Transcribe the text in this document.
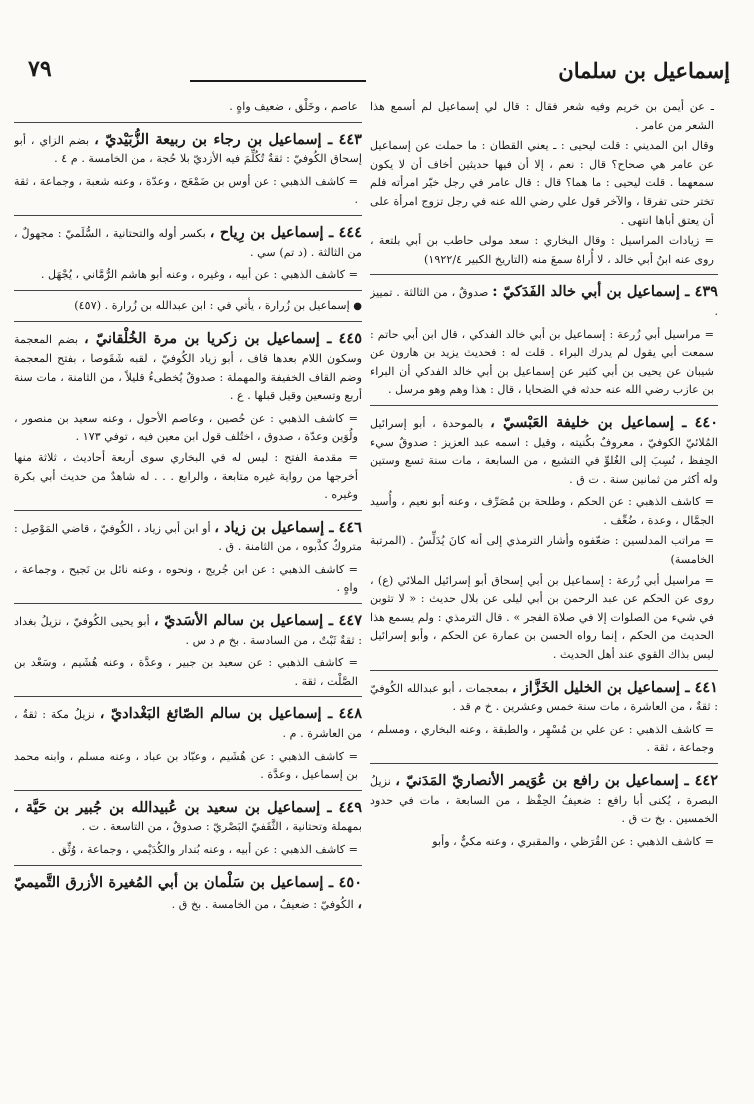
٧٩	إسماعيل بن سلمان

ـ عن أيمن بن خريم وفيه شعر فقال : قال لي إسماعيل لم أسمع هذا الشعر من عامر .

وقال ابن المديني : قلت ليحيى : ـ يعني القطان : ما حملت عن إسماعيل عن عامر هي صحاح؟ قال : نعم ، إلا أن فيها حديثين أخاف أن لا يكون سمعهما . قلت ليحيى : ما هما؟ قال : قال عامر في رجل خيّر امرأته فلم تختر حتى تفرقا ، والآخر قول علي رضي الله عنه في رجل تزوج امرأة على أن يعتق أباها انتهى .

= زيادات المراسيل : وقال البخاري : سعد مولى حاطب بن أبي بلتعة ، روى عنه ابنُ أبي خالد ، لا أُراهُ سمعَ منه (التاريخ الكبير ١٩٢٢/٤)

٤٣٩ ـ إسماعيل بن أبي خالد الفَدَكيّ : صدوقٌ ، من الثالثة . تمييز .

= مراسيل أبي زُرعة : إسماعيل بن أبي خالد الفدكي ، قال ابن أبي حاتم : سمعت أبي يقول لم يدرك البراء . قلت له : فحديث يزيد بن هارون عن شيبان عن يحيى بن أبي كثير عن إسماعيل بن أبي خالد الفدكي أن البراء بن عازب رضي الله عنه حدثه في الضحايا ، قال : هذا وهم وهو مرسل .

٤٤٠ ـ إسماعيل بن خليفة العَبْسيّ ، بالموحدة ، أبو إسرائيل المُلائيّ الكوفيّ ، معروفٌ بكُنيته ، وقيل : اسمه عبد العزيز : صدوقٌ سيء الحِفظ ، نُسِبَ إلى الغُلوِّ في التشيع ، من السابعة ، مات سنة تسع وستين وله أكثر من ثمانين سنة . ت ق .

= كاشف الذهبي : عن الحكم ، وطلحة بن مُصَرِّف ، وعنه أبو نعيم ، وأُسيد الجمَّال ، وعدة ، ضُعِّف .

= مراتب المدلسين : ضعّفوه وأشار الترمذي إلى أنه كانَ يُدَلِّسُ . (المرتبة الخامسة)

= مراسيل أبي زُرعة : إسماعيل بن أبي إسحاق أبو إسرائيل الملائي (ع) ، روى عن الحكم عن عبد الرحمن بن أبي ليلى عن بلال حديث : « لا تثوبن في شيء من الصلوات إلا في صلاة الفجر » . قال الترمذي : ولم يسمع هذا الحديث من الحكم ، إنما رواه الحسن بن عمارة عن الحكم ، وأبو إسرائيل ليس بذاك القوي عند أهل الحديث .

٤٤١ ـ إسماعيل بن الخليل الخَزَّاز ، بمعجمات ، أبو عبدالله الكُوفيّ : ثقةٌ ، من العاشرة ، مات سنة خمس وعشرين . خ م قد .

= كاشف الذهبي : عن علي بن مُسْهِر ، والطبقة ، وعنه البخاري ، ومسلم ، وجماعة ، ثقة .

٤٤٢ ـ إسماعيل بن رافع بن عُوَيمر الأنصاريّ المَدَنيّ ، نزيلُ البصرة ، يُكنى أبا رافع : ضعيفُ الحِفْظ ، من السابعة ، مات في حدود الخمسين . بخ ت ق .

= كاشف الذهبي : عن القُرَظي ، والمقبري ، وعنه مكيٌّ ، وأبو

عاصم ، وخَلْق ، ضعيف واهٍ .

٤٤٣ ـ إسماعيل بن رجاء بن ربيعة الزُّبَيْديّ ، بضم الزاي ، أبو إسحاق الكُوفيّ : ثقةٌ تُكُلِّمَ فيه الأزديّ بلا حُجة ، من الخامسة . م ٤ .

= كاشف الذهبي : عن أوس بن ضَمْعَج ، وعدّة ، وعنه شعبة ، وجماعة ، ثقة .

٤٤٤ ـ إسماعيل بن رِياح ، بكسر أوله والتحتانية ، السُّلَميّ : مجهولٌ ، من الثالثة . (د تم) سي .

= كاشف الذهبي : عن أبيه ، وغيره ، وعنه أبو هاشم الرُّمَّاني ، يُجْهَل .

● إسماعيل بن زُرارة ، يأتي في : ابن عبدالله بن زُرارة . (٤٥٧)
٤٤٥ ـ إسماعيل بن زكريا بن مرة الخُلْقانيّ ، بضم المعجمة وسكون اللام بعدها قاف ، أبو زياد الكُوفيّ ، لقبه شَقَوصا ، بفتح المعجمة وضم القاف الخفيفة والمهملة : صدوقٌ يُخطىءُ قليلاً ، من الثامنة ، مات سنة أربع وتسعين وقيل قبلها . ع .

= كاشف الذهبي : عن حُصين ، وعاصم الأحول ، وعنه سعيد بن منصور ، ولُوَين وعدّة ، صدوق ، اختُلف قول ابن معين فيه ، توفي ١٧٣ .

= مقدمة الفتح : ليس له في البخاري سوى أربعة أحاديث ، ثلاثة منها أخرجها من رواية غيره متابعة ، والرابع . . . له شاهدٌ من حديث أبي بكرة وغيره .

٤٤٦ ـ إسماعيل بن زياد ، أو ابن أبي زياد ، الكُوفيّ ، قاضي المَوْصِل : متروكٌ كذَّبوه ، من الثامنة . ق .

= كاشف الذهبي : عن ابن جُريج ، ونحوه ، وعنه نائل بن نَجيح ، وجماعة ، واهٍ .

٤٤٧ ـ إسماعيل بن سالم الأسَديّ ، أبو يحيى الكُوفيّ ، نزيلُ بغداد : ثقةٌ ثَبْتٌ ، من السادسة . بخ م د س .

= كاشف الذهبي : عن سعيد بن جبير ، وعدَّة ، وعنه هُشَيم ، وسَعْد بن الصَّلْت ، ثقة .

٤٤٨ ـ إسماعيل بن سالم الصّائغ البَغْداديّ ، نزيلُ مكة : ثقةٌ ، من العاشرة . م .

= كاشف الذهبي : عن هُشَيم ، وعبّاد بن عباد ، وعنه مسلم ، وابنه محمد بن إسماعيل ، وعدَّة .

٤٤٩ ـ إسماعيل بن سعيد بن عُبيدالله بن جُبير بن حَيَّة ، بمهملة وتحتانية ، الثَّقَفيّ البَصْريّ : صدوقٌ ، من التاسعة . ت .

= كاشف الذهبي : عن أبيه ، وعنه بُندار والكُدَيْمي ، وجماعة ، وُثِّق .

٤٥٠ ـ إسماعيل بن سَلْمان بن أبي المُغيرة الأزرق التَّميميّ ، الكُوفيّ : ضعيفٌ ، من الخامسة . بخ ق .
